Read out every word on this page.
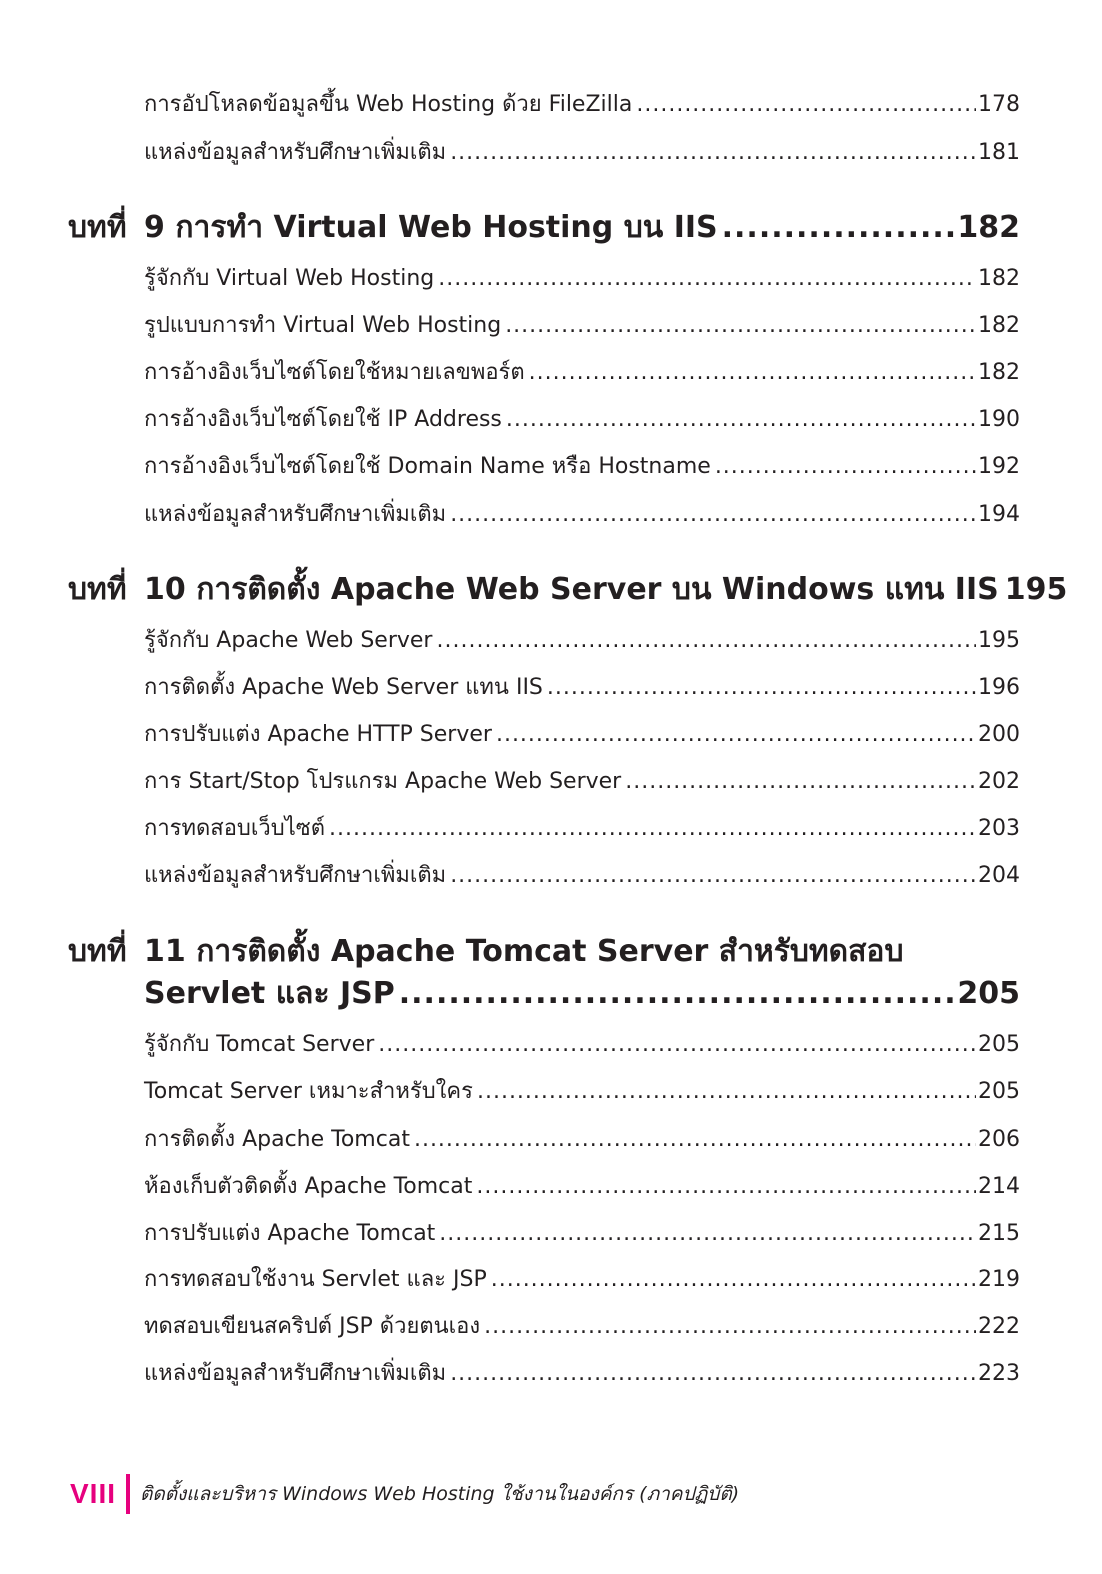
การอัปโหลดข้อมูลขึ้น Web Hosting ด้วย FileZilla .....	178
แหล่งข้อมูลสำหรับศึกษาเพิ่มเติม .....	181
บทที่ 9 การทำ Virtual Web Hosting บน IIS .....	182
รู้จักกับ Virtual Web Hosting .....	182
รูปแบบการทำ Virtual Web Hosting .....	182
การอ้างอิงเว็บไซต์โดยใช้หมายเลขพอร์ต .....	182
การอ้างอิงเว็บไซต์โดยใช้ IP Address .....	190
การอ้างอิงเว็บไซต์โดยใช้ Domain Name หรือ Hostname .....	192
แหล่งข้อมูลสำหรับศึกษาเพิ่มเติม .....	194
บทที่ 10 การติดตั้ง Apache Web Server บน Windows แทน IIS 195
รู้จักกับ Apache Web Server .....	195
การติดตั้ง Apache Web Server แทน IIS .....	196
การปรับแต่ง Apache HTTP Server .....	200
การ Start/Stop โปรแกรม Apache Web Server .....	202
การทดสอบเว็บไซต์ .....	203
แหล่งข้อมูลสำหรับศึกษาเพิ่มเติม .....	204
บทที่ 11 การติดตั้ง Apache Tomcat Server สำหรับทดสอบ
Servlet และ JSP .....	205
รู้จักกับ Tomcat Server .....	205
Tomcat Server เหมาะสำหรับใคร .....	205
การติดตั้ง Apache Tomcat .....	206
ห้องเก็บตัวติดตั้ง Apache Tomcat .....	214
การปรับแต่ง Apache Tomcat .....	215
การทดสอบใช้งาน Servlet และ JSP .....	219
ทดสอบเขียนสคริปต์ JSP ด้วยตนเอง .....	222
แหล่งข้อมูลสำหรับศึกษาเพิ่มเติม .....	223
VIII ติดตั้งและบริหาร Windows Web Hosting ใช้งานในองค์กร (ภาคปฏิบัติ)
